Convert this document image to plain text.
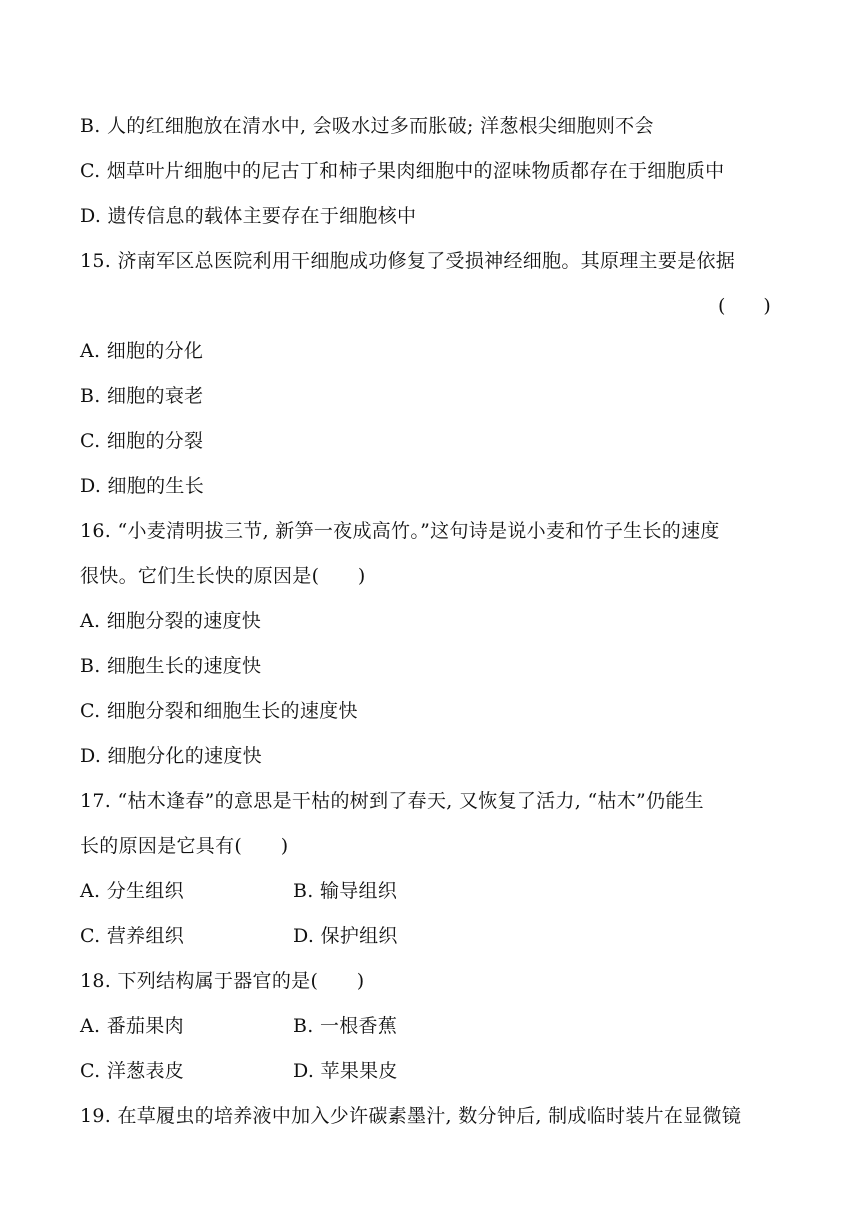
B. 人的红细胞放在清水中, 会吸水过多而胀破; 洋葱根尖细胞则不会
C. 烟草叶片细胞中的尼古丁和柿子果肉细胞中的涩味物质都存在于细胞质中
D. 遗传信息的载体主要存在于细胞核中
15. 济南军区总医院利用干细胞成功修复了受损神经细胞。其原理主要是依据
(　　)
A. 细胞的分化
B. 细胞的衰老
C. 细胞的分裂
D. 细胞的生长
16. “小麦清明拔三节, 新笋一夜成高竹。”这句诗是说小麦和竹子生长的速度
很快。它们生长快的原因是(　　)
A. 细胞分裂的速度快
B. 细胞生长的速度快
C. 细胞分裂和细胞生长的速度快
D. 细胞分化的速度快
17. “枯木逢春”的意思是干枯的树到了春天, 又恢复了活力, “枯木”仍能生
长的原因是它具有(　　)
A. 分生组织	B. 输导组织
C. 营养组织	D. 保护组织
18. 下列结构属于器官的是(　　)
A. 番茄果肉	B. 一根香蕉
C. 洋葱表皮	D. 苹果果皮
19. 在草履虫的培养液中加入少许碳素墨汁, 数分钟后, 制成临时装片在显微镜
